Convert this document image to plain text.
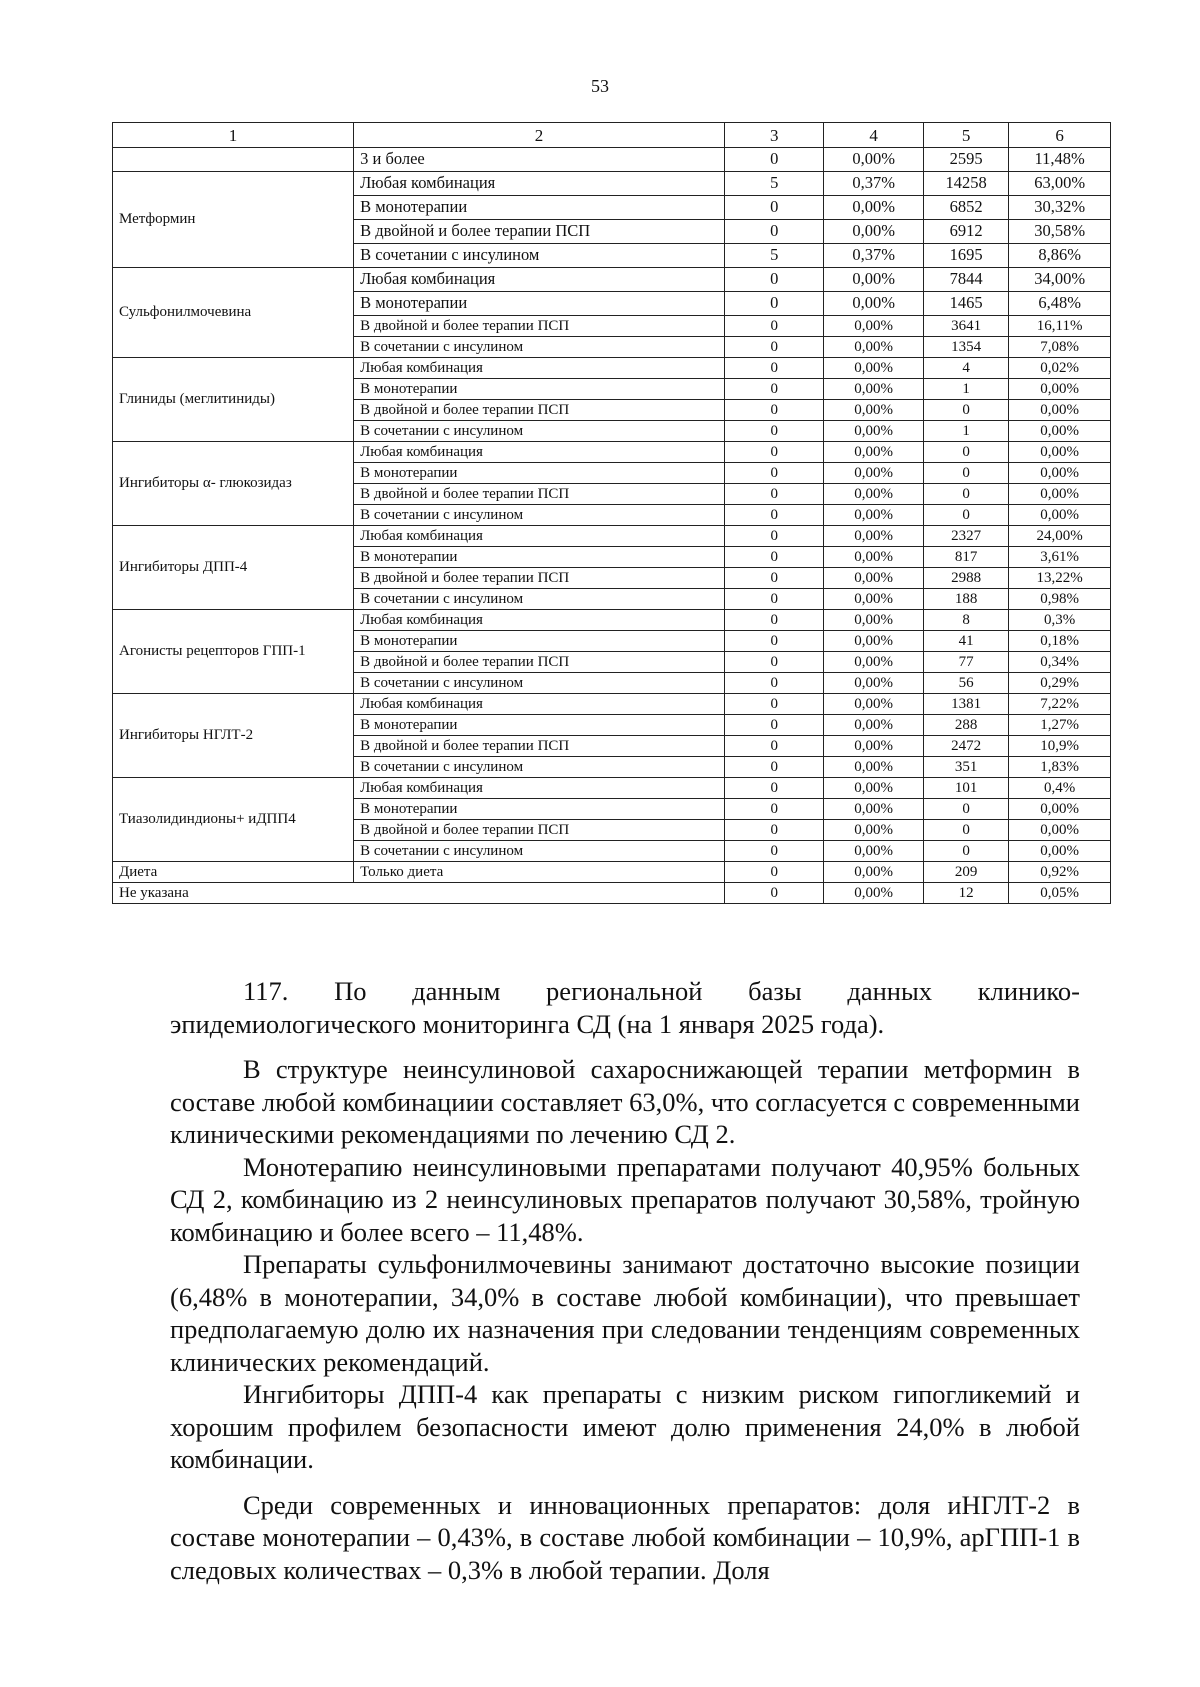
53
1	2	3	4	5	6
	3 и более	0	0,00%	2595	11,48%
Метформин	Любая комбинация	5	0,37%	14258	63,00%
	В монотерапии	0	0,00%	6852	30,32%
	В двойной и более терапии ПСП	0	0,00%	6912	30,58%
	В сочетании с инсулином	5	0,37%	1695	8,86%
Сульфонилмочевина	Любая комбинация	0	0,00%	7844	34,00%
	В монотерапии	0	0,00%	1465	6,48%
	В двойной и более терапии ПСП	0	0,00%	3641	16,11%
	В сочетании с инсулином	0	0,00%	1354	7,08%
Глиниды (меглитиниды)	Любая комбинация	0	0,00%	4	0,02%
	В монотерапии	0	0,00%	1	0,00%
	В двойной и более терапии ПСП	0	0,00%	0	0,00%
	В сочетании с инсулином	0	0,00%	1	0,00%
Ингибиторы α- глюкозидаз	Любая комбинация	0	0,00%	0	0,00%
	В монотерапии	0	0,00%	0	0,00%
	В двойной и более терапии ПСП	0	0,00%	0	0,00%
	В сочетании с инсулином	0	0,00%	0	0,00%
Ингибиторы ДПП-4	Любая комбинация	0	0,00%	2327	24,00%
	В монотерапии	0	0,00%	817	3,61%
	В двойной и более терапии ПСП	0	0,00%	2988	13,22%
	В сочетании с инсулином	0	0,00%	188	0,98%
Агонисты рецепторов ГПП-1	Любая комбинация	0	0,00%	8	0,3%
	В монотерапии	0	0,00%	41	0,18%
	В двойной и более терапии ПСП	0	0,00%	77	0,34%
	В сочетании с инсулином	0	0,00%	56	0,29%
Ингибиторы НГЛТ-2	Любая комбинация	0	0,00%	1381	7,22%
	В монотерапии	0	0,00%	288	1,27%
	В двойной и более терапии ПСП	0	0,00%	2472	10,9%
	В сочетании с инсулином	0	0,00%	351	1,83%
Тиазолидиндионы+ иДПП4	Любая комбинация	0	0,00%	101	0,4%
	В монотерапии	0	0,00%	0	0,00%
	В двойной и более терапии ПСП	0	0,00%	0	0,00%
	В сочетании с инсулином	0	0,00%	0	0,00%
Диета	Только диета	0	0,00%	209	0,92%
Не указана		0	0,00%	12	0,05%

117. По данным региональной базы данных клинико-эпидемиологического мониторинга СД (на 1 января 2025 года).

В структуре неинсулиновой сахароснижающей терапии метформин в составе любой комбинациии составляет 63,0%, что согласуется с современными клиническими рекомендациями по лечению СД 2.

Монотерапию неинсулиновыми препаратами получают 40,95% больных СД 2, комбинацию из 2 неинсулиновых препаратов получают 30,58%, тройную комбинацию и более всего – 11,48%.

Препараты сульфонилмочевины занимают достаточно высокие позиции (6,48% в монотерапии, 34,0% в составе любой комбинации), что превышает предполагаемую долю их назначения при следовании тенденциям современных клинических рекомендаций.

Ингибиторы ДПП-4 как препараты с низким риском гипогликемий и хорошим профилем безопасности имеют долю применения 24,0% в любой комбинации.

Среди современных и инновационных препаратов: доля иНГЛТ-2 в составе монотерапии – 0,43%, в составе любой комбинации – 10,9%, арГПП-1 в следовых количествах – 0,3% в любой терапии. Доля
